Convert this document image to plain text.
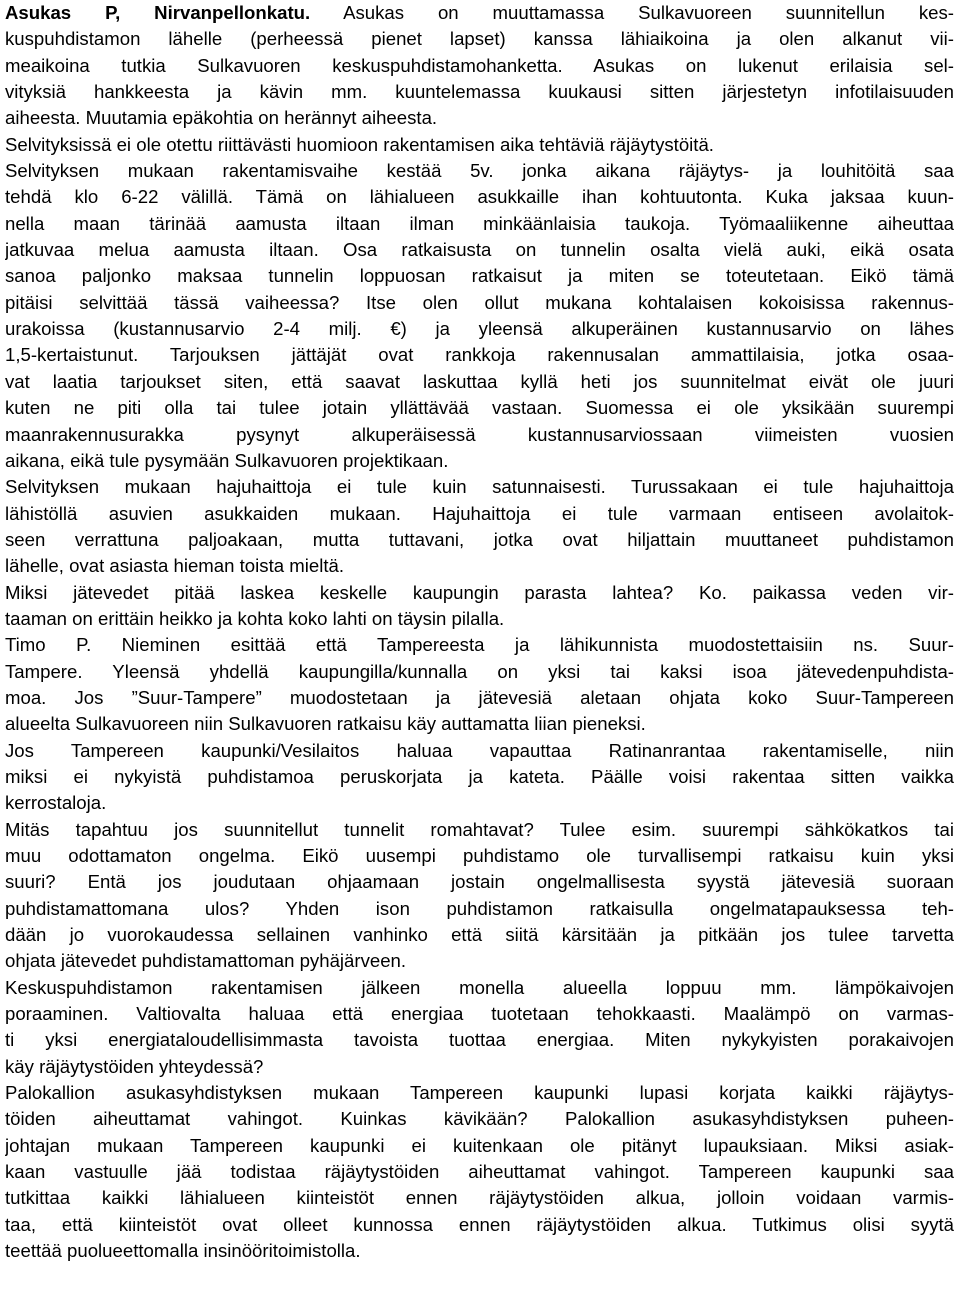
Asukas P, Nirvanpellonkatu. Asukas on muuttamassa Sulkavuoreen suunnitellun kes-
kuspuhdistamon lähelle (perheessä pienet lapset) kanssa lähiaikoina ja olen alkanut vii-
meaikoina tutkia Sulkavuoren keskuspuhdistamohanketta. Asukas on lukenut erilaisia sel-
vityksiä hankkeesta ja kävin mm. kuuntelemassa kuukausi sitten järjestetyn infotilaisuuden
aiheesta. Muutamia epäkohtia on herännyt aiheesta.
Selvityksissä ei ole otettu riittävästi huomioon rakentamisen aika tehtäviä räjäytystöitä.
Selvityksen mukaan rakentamisvaihe kestää 5v. jonka aikana räjäytys- ja louhitöitä saa
tehdä klo 6-22 välillä. Tämä on lähialueen asukkaille ihan kohtuutonta. Kuka jaksaa kuun-
nella maan tärinää aamusta iltaan ilman minkäänlaisia taukoja. Työmaaliikenne aiheuttaa
jatkuvaa melua aamusta iltaan. Osa ratkaisusta on tunnelin osalta vielä auki, eikä osata
sanoa paljonko maksaa tunnelin loppuosan ratkaisut ja miten se toteutetaan. Eikö tämä
pitäisi selvittää tässä vaiheessa? Itse olen ollut mukana kohtalaisen kokoisissa rakennus-
urakoissa (kustannusarvio 2-4 milj. €) ja yleensä alkuperäinen kustannusarvio on lähes
1,5-kertaistunut. Tarjouksen jättäjät ovat rankkoja rakennusalan ammattilaisia, jotka osaa-
vat laatia tarjoukset siten, että saavat laskuttaa kyllä heti jos suunnitelmat eivät ole juuri
kuten ne piti olla tai tulee jotain yllättävää vastaan. Suomessa ei ole yksikään suurempi
maanrakennusurakka pysynyt alkuperäisessä kustannusarviossaan viimeisten vuosien
aikana, eikä tule pysymään Sulkavuoren projektikaan.
Selvityksen mukaan hajuhaittoja ei tule kuin satunnaisesti. Turussakaan ei tule hajuhaittoja
lähistöllä asuvien asukkaiden mukaan. Hajuhaittoja ei tule varmaan entiseen avolaitok-
seen verrattuna paljoakaan, mutta tuttavani, jotka ovat hiljattain muuttaneet puhdistamon
lähelle, ovat asiasta hieman toista mieltä.
Miksi jätevedet pitää laskea keskelle kaupungin parasta lahtea? Ko. paikassa veden vir-
taaman on erittäin heikko ja kohta koko lahti on täysin pilalla.
Timo P. Nieminen esittää että Tampereesta ja lähikunnista muodostettaisiin ns. Suur-
Tampere. Yleensä yhdellä kaupungilla/kunnalla on yksi tai kaksi isoa jätevedenpuhdista-
moa. Jos ”Suur-Tampere” muodostetaan ja jätevesiä aletaan ohjata koko Suur-Tampereen
alueelta Sulkavuoreen niin Sulkavuoren ratkaisu käy auttamatta liian pieneksi.
Jos Tampereen kaupunki/Vesilaitos haluaa vapauttaa Ratinanrantaa rakentamiselle, niin
miksi ei nykyistä puhdistamoa peruskorjata ja kateta. Päälle voisi rakentaa sitten vaikka
kerrostaloja.
Mitäs tapahtuu jos suunnitellut tunnelit romahtavat? Tulee esim. suurempi sähkökatkos tai
muu odottamaton ongelma. Eikö uusempi puhdistamo ole turvallisempi ratkaisu kuin yksi
suuri? Entä jos joudutaan ohjaamaan jostain ongelmallisesta syystä jätevesiä suoraan
puhdistamattomana ulos? Yhden ison puhdistamon ratkaisulla ongelmatapauksessa teh-
dään jo vuorokaudessa sellainen vanhinko että siitä kärsitään ja pitkään jos tulee tarvetta
ohjata jätevedet puhdistamattoman pyhäjärveen.
Keskuspuhdistamon rakentamisen jälkeen monella alueella loppuu mm. lämpökaivojen
poraaminen. Valtiovalta haluaa että energiaa tuotetaan tehokkaasti. Maalämpö on varmas-
ti yksi energiataloudellisimmasta tavoista tuottaa energiaa. Miten nykykyisten porakaivojen
käy räjäytystöiden yhteydessä?
Palokallion asukasyhdistyksen mukaan Tampereen kaupunki lupasi korjata kaikki räjäytys-
töiden aiheuttamat vahingot. Kuinkas kävikään? Palokallion asukasyhdistyksen puheen-
johtajan mukaan Tampereen kaupunki ei kuitenkaan ole pitänyt lupauksiaan. Miksi asiak-
kaan vastuulle jää todistaa räjäytystöiden aiheuttamat vahingot. Tampereen kaupunki saa
tutkittaa kaikki lähialueen kiinteistöt ennen räjäytystöiden alkua, jolloin voidaan varmis-
taa, että kiinteistöt ovat olleet kunnossa ennen räjäytystöiden alkua. Tutkimus olisi syytä
teettää puolueettomalla insinööritoimistolla.
